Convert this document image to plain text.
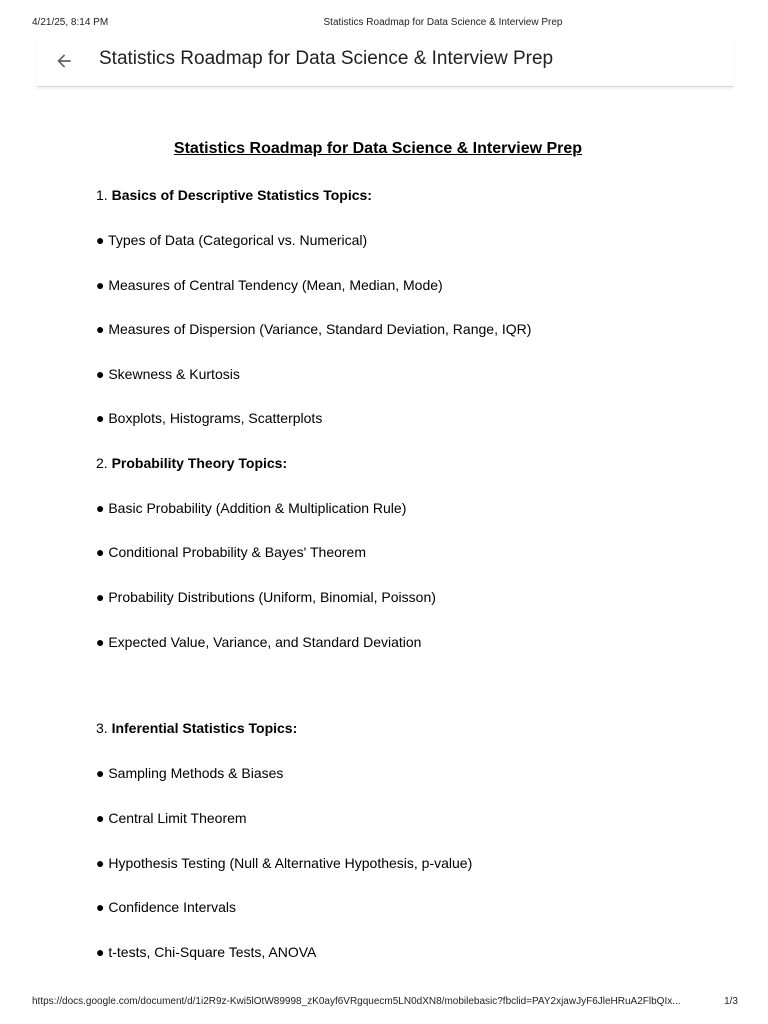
4/21/25, 8:14 PM	Statistics Roadmap for Data Science & Interview Prep
Statistics Roadmap for Data Science & Interview Prep
Statistics Roadmap for Data Science & Interview Prep
1. Basics of Descriptive Statistics Topics:
● Types of Data (Categorical vs. Numerical)
● Measures of Central Tendency (Mean, Median, Mode)
● Measures of Dispersion (Variance, Standard Deviation, Range, IQR)
● Skewness & Kurtosis
● Boxplots, Histograms, Scatterplots
2. Probability Theory Topics:
● Basic Probability (Addition & Multiplication Rule)
● Conditional Probability & Bayes' Theorem
● Probability Distributions (Uniform, Binomial, Poisson)
● Expected Value, Variance, and Standard Deviation
3. Inferential Statistics Topics:
● Sampling Methods & Biases
● Central Limit Theorem
● Hypothesis Testing (Null & Alternative Hypothesis, p-value)
● Confidence Intervals
● t-tests, Chi-Square Tests, ANOVA
https://docs.google.com/document/d/1i2R9z-Kwi5lOtW89998_zK0ayf6VRgquecm5LN0dXN8/mobilebasic?fbclid=PAY2xjawJyF6JleHRuA2FlbQIx...	1/3
